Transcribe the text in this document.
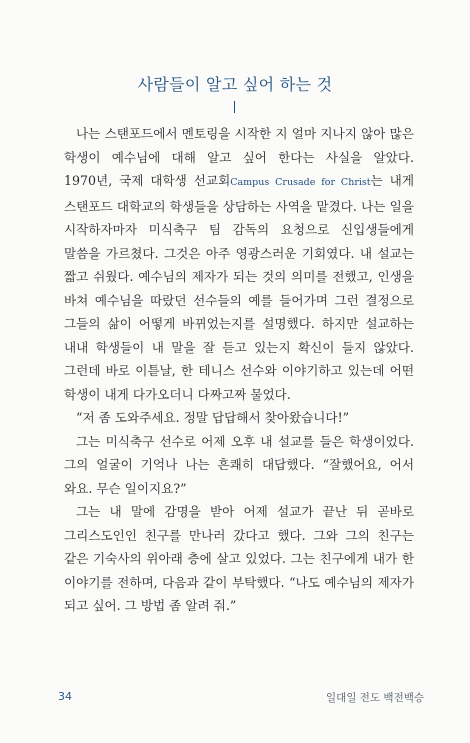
사람들이 알고 싶어 하는 것

나는 스탠포드에서 멘토링을 시작한 지 얼마 지나지 않아 많은 학생이 예수님에 대해 알고 싶어 한다는 사실을 알았다. 1970년, 국제 대학생 선교회Campus Crusade for Christ는 내게 스탠포드 대학교의 학생들을 상담하는 사역을 맡겼다. 나는 일을 시작하자마자 미식축구 팀 감독의 요청으로 신입생들에게 말씀을 가르쳤다. 그것은 아주 영광스러운 기회였다. 내 설교는 짧고 쉬웠다. 예수님의 제자가 되는 것의 의미를 전했고, 인생을 바쳐 예수님을 따랐던 선수들의 예를 들어가며 그런 결정으로 그들의 삶이 어떻게 바뀌었는지를 설명했다. 하지만 설교하는 내내 학생들이 내 말을 잘 듣고 있는지 확신이 들지 않았다. 그런데 바로 이튿날, 한 테니스 선수와 이야기하고 있는데 어떤 학생이 내게 다가오더니 다짜고짜 물었다.

“저 좀 도와주세요. 정말 답답해서 찾아왔습니다!”

그는 미식축구 선수로 어제 오후 내 설교를 들은 학생이었다. 그의 얼굴이 기억나 나는 흔쾌히 대답했다. “잘했어요, 어서 와요. 무슨 일이지요?”

그는 내 말에 감명을 받아 어제 설교가 끝난 뒤 곧바로 그리스도인인 친구를 만나러 갔다고 했다. 그와 그의 친구는 같은 기숙사의 위아래 층에 살고 있었다. 그는 친구에게 내가 한 이야기를 전하며, 다음과 같이 부탁했다. “나도 예수님의 제자가 되고 싶어. 그 방법 좀 알려 줘.”

34	일대일 전도 백전백승
